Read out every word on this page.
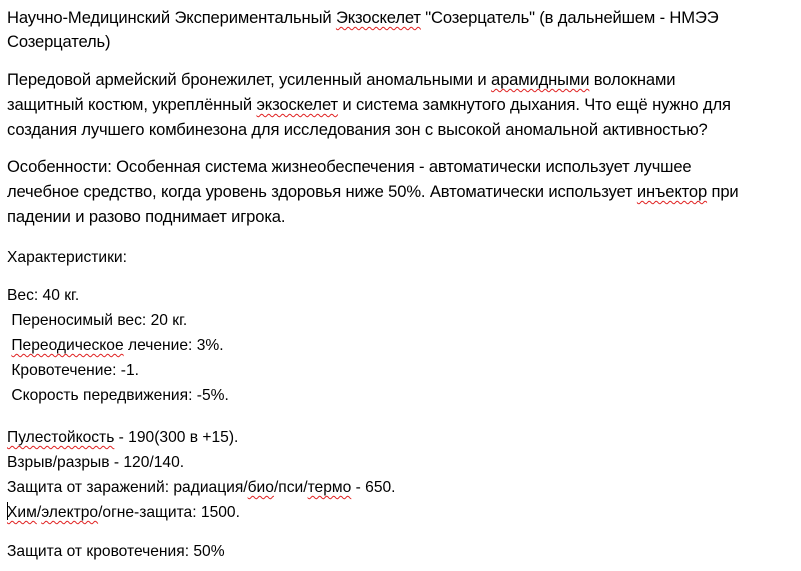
Научно-Медицинский Экспериментальный Экзоскелет "Созерцатель" (в дальнейшем - НМЭЭ
Созерцатель)
Передовой армейский бронежилет, усиленный аномальными и арамидными волокнами
защитный костюм, укреплённый экзоскелет и система замкнутого дыхания. Что ещё нужно для
создания лучшего комбинезона для исследования зон с высокой аномальной активностью?
Особенности: Особенная система жизнеобеспечения - автоматически использует лучшее
лечебное средство, когда уровень здоровья ниже 50%. Автоматически использует инъектор при
падении и разово поднимает игрока.
Характеристики:
Вес: 40 кг.
Переносимый вес: 20 кг.
Переодическое лечение: 3%.
Кровотечение: -1.
Скорость передвижения: -5%.
Пулестойкость - 190(300 в +15).
Взрыв/разрыв - 120/140.
Защита от заражений: радиация/био/пси/термо - 650.
Хим/электро/огне-защита: 1500.
Защита от кровотечения: 50%
